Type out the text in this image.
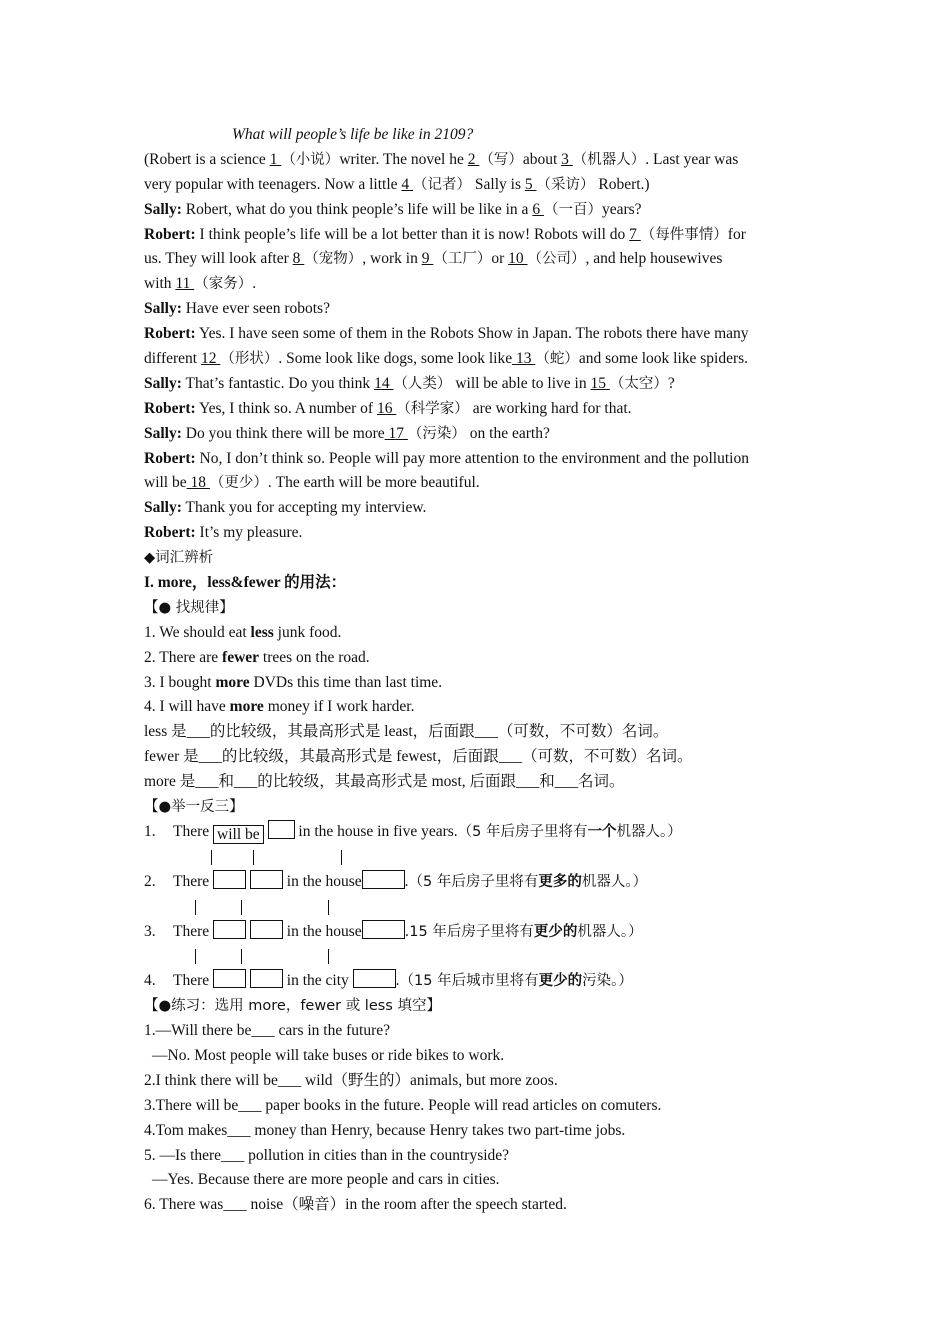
What will people’s life be like in 2109?
(Robert is a science 1 （小说）writer. The novel he 2 （写）about 3 （机器人）. Last year was
very popular with teenagers. Now a little 4 （记者） Sally is 5 （采访） Robert.)
Sally: Robert, what do you think people’s life will be like in a 6 （一百）years?
Robert: I think people’s life will be a lot better than it is now! Robots will do 7 （每件事情）for
us. They will look after 8 （宠物）, work in 9 （工厂）or 10 （公司）, and help housewives
with 11 （家务）.
Sally: Have ever seen robots?
Robert: Yes. I have seen some of them in the Robots Show in Japan. The robots there have many
different 12 （形状）. Some look like dogs, some look like 13 （蛇）and some look like spiders.
Sally: That’s fantastic. Do you think 14 （人类） will be able to live in 15 （太空）?
Robert: Yes, I think so. A number of 16 （科学家） are working hard for that.
Sally: Do you think there will be more 17 （污染） on the earth?
Robert: No, I don’t think so. People will pay more attention to the environment and the pollution
will be 18 （更少）. The earth will be more beautiful.
Sally: Thank you for accepting my interview.
Robert: It’s my pleasure.
◆词汇辨析
I. more，less&fewer 的用法：
【● 找规律】
1. We should eat less junk food.
2. There are fewer trees on the road.
3. I bought more DVDs this time than last time.
4. I will have more money if I work harder.
less 是___的比较级，其最高形式是 least，后面跟___（可数，不可数）名词。
fewer 是___的比较级，其最高形式是 fewest，后面跟___（可数，不可数）名词。
more 是___和___的比较级，其最高形式是 most, 后面跟___和___名词。
【●举一反三】
1. There will be  in the house in five years.（5 年后房子里将有一个机器人。）
2. There	in the house	.（5 年后房子里将有更多的机器人。）
3. There	in the house	.15 年后房子里将有更少的机器人。）
4. There	in the city	.（15 年后城市里将有更少的污染。）
【●练习：选用 more，fewer 或 less 填空】
1.—Will there be___ cars in the future?
—No. Most people will take buses or ride bikes to work.
2.I think there will be___ wild（野生的）animals, but more zoos.
3.There will be___ paper books in the future. People will read articles on comuters.
4.Tom makes___ money than Henry, because Henry takes two part-time jobs.
5. —Is there___ pollution in cities than in the countryside?
—Yes. Because there are more people and cars in cities.
6. There was___ noise（噪音）in the room after the speech started.
